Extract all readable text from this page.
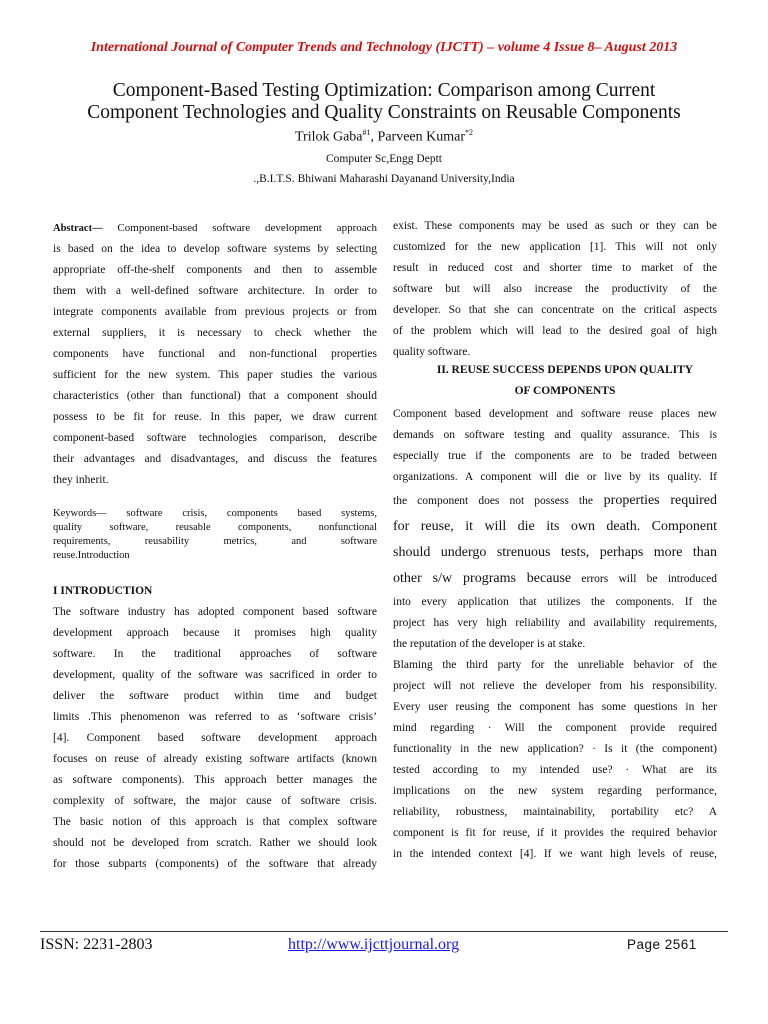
International Journal of Computer Trends and Technology (IJCTT) – volume 4 Issue 8– August 2013
Component-Based Testing Optimization: Comparison among Current
Component Technologies and Quality Constraints on Reusable Components
Trilok Gaba$^{\#1}$, Parveen Kumar$^{*2}$
Computer Sc,Engg Deptt
.,B.I.T.S. Bhiwani Maharashi Dayanand University,India
Abstract— Component-based software development approach
is based on the idea to develop software systems by selecting
appropriate off-the-shelf components and then to assemble
them with a well-defined software architecture. In order to
integrate components available from previous projects or from
external suppliers, it is necessary to check whether the
components have functional and non-functional properties
sufficient for the new system. This paper studies the various
characteristics (other than functional) that a component should
possess to be fit for reuse. In this paper, we draw current
component-based software technologies comparison, describe
their advantages and disadvantages, and discuss the features
they inherit.
Keywords— software crisis, components based systems,
quality software, reusable components, nonfunctional
requirements, reusability metrics, and software
reuse.Introduction
I INTRODUCTION
The software industry has adopted component based software
development approach because it promises high quality
software. In the traditional approaches of software
development, quality of the software was sacrificed in order to
deliver the software product within time and budget
limits .This phenomenon was referred to as ‘software crisis’
[4]. Component based software development approach
focuses on reuse of already existing software artifacts (known
as software components). This approach better manages the
complexity of software, the major cause of software crisis.
The basic notion of this approach is that complex software
should not be developed from scratch. Rather we should look
for those subparts (components) of the software that already
exist. These components may be used as such or they can be
customized for the new application [1]. This will not only
result in reduced cost and shorter time to market of the
software but will also increase the productivity of the
developer. So that she can concentrate on the critical aspects
of the problem which will lead to the desired goal of high
quality software.
II. REUSE SUCCESS DEPENDS UPON QUALITY
OF COMPONENTS
Component based development and software reuse places new
demands on software testing and quality assurance. This is
especially true if the components are to be traded between
organizations. A component will die or live by its quality. If
the component does not possess the properties required
for reuse, it will die its own death. Component
should undergo strenuous tests, perhaps more than
other s/w programs because errors will be introduced
into every application that utilizes the components. If the
project has very high reliability and availability requirements,
the reputation of the developer is at stake.
Blaming the third party for the unreliable behavior of the
project will not relieve the developer from his responsibility.
Every user reusing the component has some questions in her
mind regarding · Will the component provide required
functionality in the new application? · Is it (the component)
tested according to my intended use? · What are its
implications on the new system regarding performance,
reliability, robustness, maintainability, portability etc? A
component is fit for reuse, if it provides the required behavior
in the intended context [4]. If we want high levels of reuse,
ISSN: 2231-2803	http://www.ijcttjournal.org	Page 2561
